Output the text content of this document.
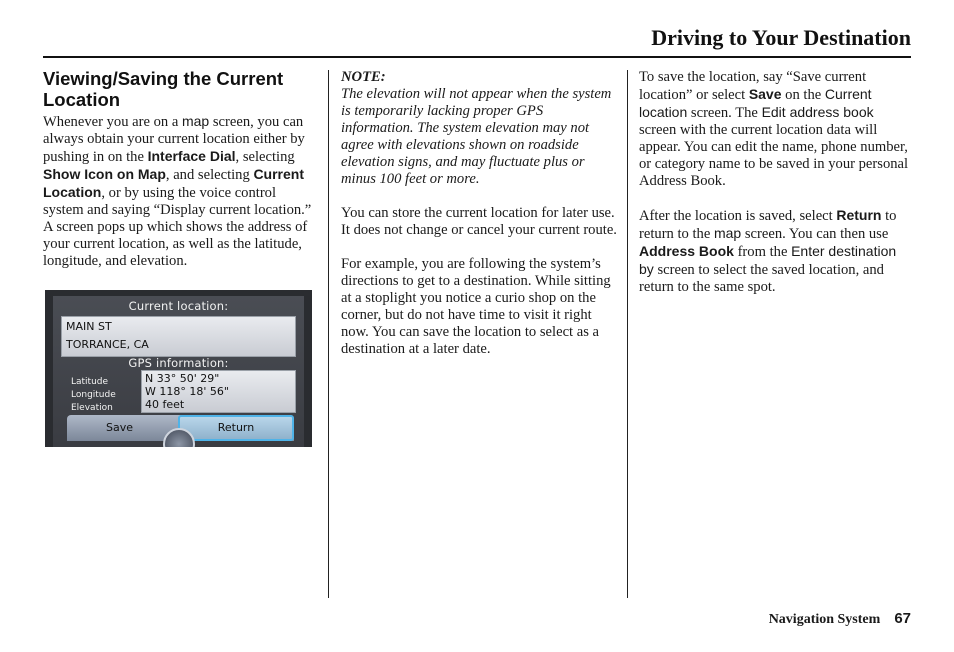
Driving to Your Destination
Viewing/Saving the Current Location

Whenever you are on a map screen, you can always obtain your current location either by pushing in on the Interface Dial, selecting Show Icon on Map, and selecting Current Location, or by using the voice control system and saying “Display current location.” A screen pops up which shows the address of your current location, as well as the latitude, longitude, and elevation.

Current location:
MAIN ST
TORRANCE, CA
GPS information:
Latitude
Longitude
Elevation
N 33° 50' 29"
W 118° 18' 56"
40 feet
Save	Return

NOTE:

The elevation will not appear when the system is temporarily lacking proper GPS information. The system elevation may not agree with elevations shown on roadside elevation signs, and may fluctuate plus or minus 100 feet or more.

You can store the current location for later use. It does not change or cancel your current route.

For example, you are following the system’s directions to get to a destination. While sitting at a stoplight you notice a curio shop on the corner, but do not have time to visit it right now. You can save the location to select as a destination at a later date.

To save the location, say “Save current location” or select Save on the Current location screen. The Edit address book screen with the current location data will appear. You can edit the name, phone number, or category name to be saved in your personal Address Book.

After the location is saved, select Return to return to the map screen. You can then use Address Book from the Enter destination by screen to select the saved location, and return to the same spot.

Navigation System 67
